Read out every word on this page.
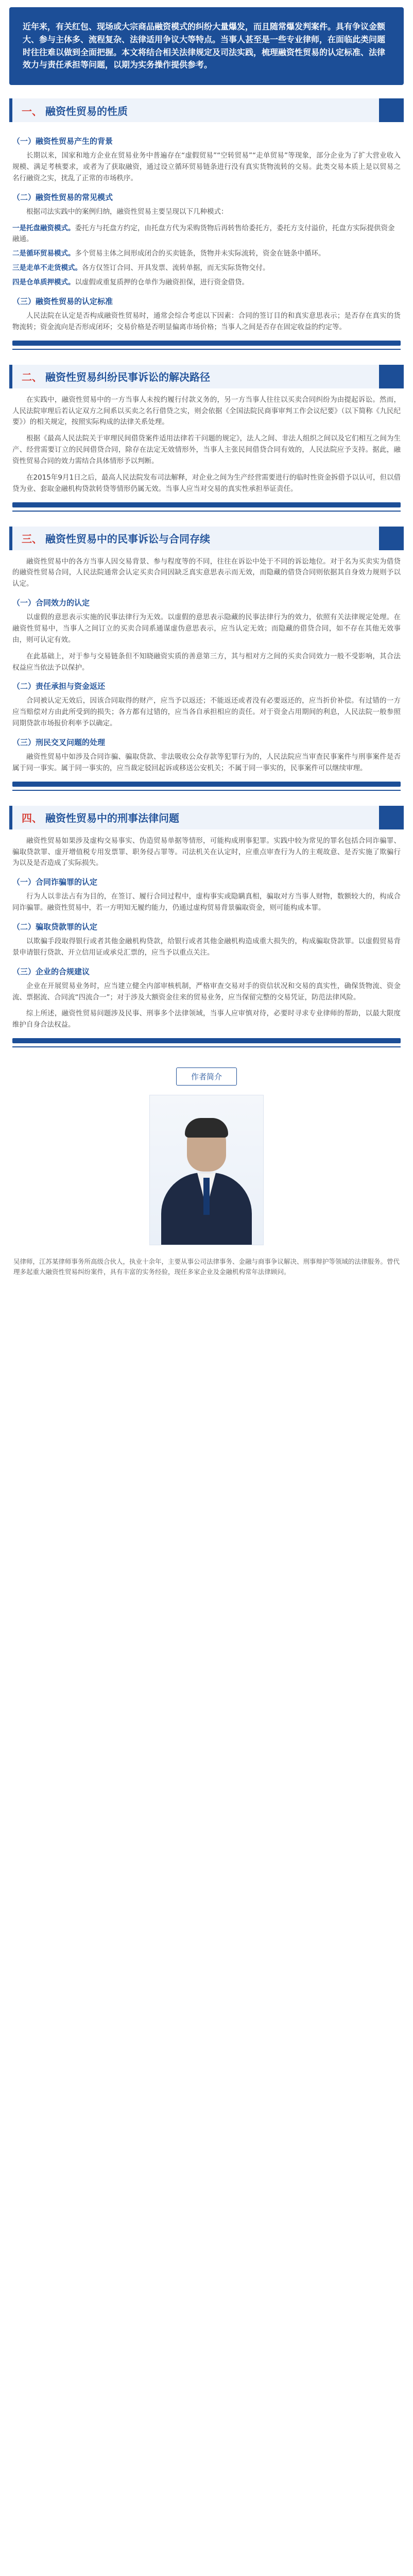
近年来，有关红包、现场或大宗商品融资模式的纠纷大量爆发，而且随常爆发判案件。具有争议金额大、参与主体多、流程复杂、法律适用争议大等特点。当事人甚至是一些专业律师，在面临此类问题时往往难以做到全面把握。本文将结合相关法律规定及司法实践，梳理融资性贸易的认定标准、法律效力与责任承担等问题，以期为实务操作提供参考。

一、 融资性贸易的性质
（一）融资性贸易产生的背景

长期以来，国家和地方企业在贸易业务中普遍存在“虚假贸易”“空转贸易”“走单贸易”等现象，部分企业为了扩大营业收入规模、满足考核要求，或者为了获取融资，通过设立循环贸易链条进行没有真实货物流转的交易。此类交易本质上是以贸易之名行融资之实，扰乱了正常的市场秩序。

（二）融资性贸易的常见模式

根据司法实践中的案例归纳，融资性贸易主要呈现以下几种模式：

一是托盘融资模式。委托方与托盘方约定，由托盘方代为采购货物后再转售给委托方，委托方支付溢价，托盘方实际提供资金融通。

二是循环贸易模式。多个贸易主体之间形成闭合的买卖链条，货物并未实际流转，资金在链条中循环。

三是走单不走货模式。各方仅签订合同、开具发票、流转单据，而无实际货物交付。

四是仓单质押模式。以虚假或重复质押的仓单作为融资担保，进行资金借贷。

（三）融资性贸易的认定标准

人民法院在认定是否构成融资性贸易时，通常会综合考虑以下因素：合同的签订目的和真实意思表示；是否存在真实的货物流转；资金流向是否形成闭环；交易价格是否明显偏离市场价格；当事人之间是否存在固定收益的约定等。

二、 融资性贸易纠纷民事诉讼的解决路径

在实践中，融资性贸易中的一方当事人未按约履行付款义务的，另一方当事人往往以买卖合同纠纷为由提起诉讼。然而，人民法院审理后若认定双方之间系以买卖之名行借贷之实，则会依据《全国法院民商事审判工作会议纪要》（以下简称《九民纪要》）的相关规定，按照实际构成的法律关系处理。

根据《最高人民法院关于审理民间借贷案件适用法律若干问题的规定》，法人之间、非法人组织之间以及它们相互之间为生产、经营需要订立的民间借贷合同，除存在法定无效情形外，当事人主张民间借贷合同有效的，人民法院应予支持。据此，融资性贸易合同的效力需结合具体情形予以判断。

在2015年9月1日之后，最高人民法院发布司法解释，对企业之间为生产经营需要进行的临时性资金拆借予以认可，但以借贷为业、套取金融机构贷款转贷等情形仍属无效。当事人应当对交易的真实性承担举证责任。

三、 融资性贸易中的民事诉讼与合同存续

融资性贸易中的各方当事人因交易背景、参与程度等的不同，往往在诉讼中处于不同的诉讼地位。对于名为买卖实为借贷的融资性贸易合同，人民法院通常会认定买卖合同因缺乏真实意思表示而无效，而隐藏的借贷合同则依据其自身效力规则予以认定。

（一）合同效力的认定

以虚假的意思表示实施的民事法律行为无效。以虚假的意思表示隐藏的民事法律行为的效力，依照有关法律规定处理。在融资性贸易中，当事人之间订立的买卖合同系通谋虚伪意思表示，应当认定无效；而隐藏的借贷合同，如不存在其他无效事由，则可认定有效。

在此基础上，对于参与交易链条但不知晓融资实质的善意第三方，其与相对方之间的买卖合同效力一般不受影响，其合法权益应当依法予以保护。

（二）责任承担与资金返还

合同被认定无效后，因该合同取得的财产，应当予以返还；不能返还或者没有必要返还的，应当折价补偿。有过错的一方应当赔偿对方由此所受到的损失；各方都有过错的，应当各自承担相应的责任。对于资金占用期间的利息，人民法院一般参照同期贷款市场报价利率予以确定。

（三）刑民交叉问题的处理

融资性贸易中如涉及合同诈骗、骗取贷款、非法吸收公众存款等犯罪行为的，人民法院应当审查民事案件与刑事案件是否属于同一事实。属于同一事实的，应当裁定驳回起诉或移送公安机关；不属于同一事实的，民事案件可以继续审理。

四、 融资性贸易中的刑事法律问题

融资性贸易如果涉及虚构交易事实、伪造贸易单据等情形，可能构成刑事犯罪。实践中较为常见的罪名包括合同诈骗罪、骗取贷款罪、虚开增值税专用发票罪、职务侵占罪等。司法机关在认定时，应重点审查行为人的主观故意、是否实施了欺骗行为以及是否造成了实际损失。

（一）合同诈骗罪的认定

行为人以非法占有为目的，在签订、履行合同过程中，虚构事实或隐瞒真相，骗取对方当事人财物，数额较大的，构成合同诈骗罪。融资性贸易中，若一方明知无履约能力，仍通过虚构贸易背景骗取资金，则可能构成本罪。

（二）骗取贷款罪的认定

以欺骗手段取得银行或者其他金融机构贷款，给银行或者其他金融机构造成重大损失的，构成骗取贷款罪。以虚假贸易背景申请银行贷款、开立信用证或承兑汇票的，应当予以重点关注。

（三）企业的合规建议

企业在开展贸易业务时，应当建立健全内部审核机制，严格审查交易对手的资信状况和交易的真实性，确保货物流、资金流、票据流、合同流“四流合一”；对于涉及大额资金往来的贸易业务，应当保留完整的交易凭证，防范法律风险。

综上所述，融资性贸易问题涉及民事、刑事多个法律领域，当事人应审慎对待，必要时寻求专业律师的帮助，以最大限度维护自身合法权益。

作者简介

吴律师，江苏某律师事务所高级合伙人，执业十余年，主要从事公司法律事务、金融与商事争议解决、刑事辩护等领域的法律服务。曾代理多起重大融资性贸易纠纷案件，具有丰富的实务经验，现任多家企业及金融机构常年法律顾问。
